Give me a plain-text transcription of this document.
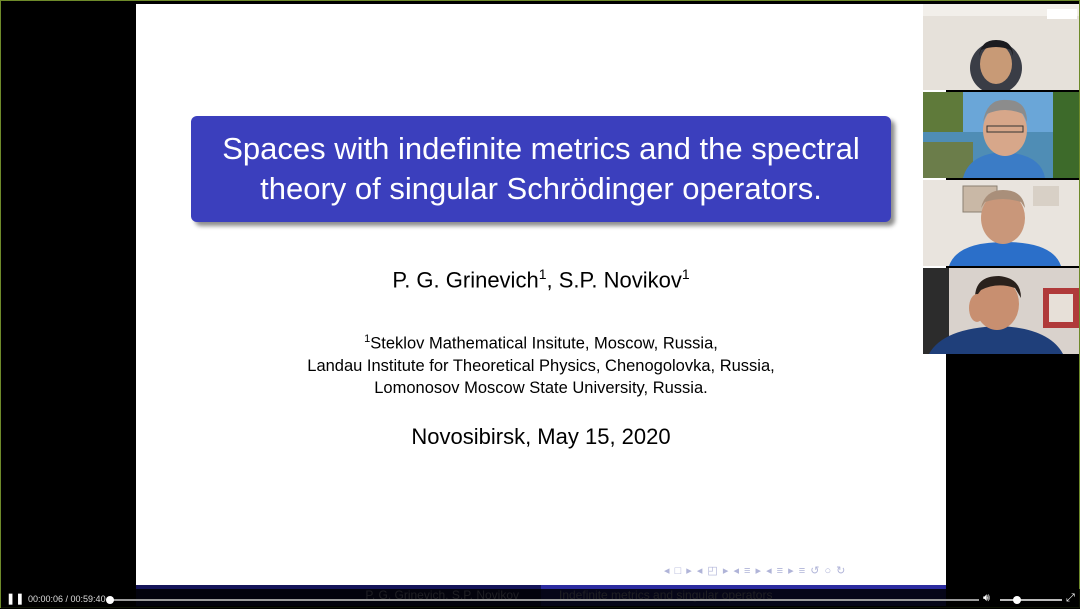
Spaces with indefinite metrics and the spectral
theory of singular Schrödinger operators.
P. G. Grinevich$^1$, S.P. Novikov$^1$
$^1$Steklov Mathematical Insitute, Moscow, Russia,
Landau Institute for Theoretical Physics, Chenogolovka, Russia,
Lomonosov Moscow State University, Russia.
Novosibirsk, May 15, 2020
◂ □ ▸ ◂ ◰ ▸ ◂ ≡ ▸ ◂ ≡ ▸ ≡ ↺ ○ ↻
❚❚ 00:00:06 / 00:59:40	🔊︎	⤢
